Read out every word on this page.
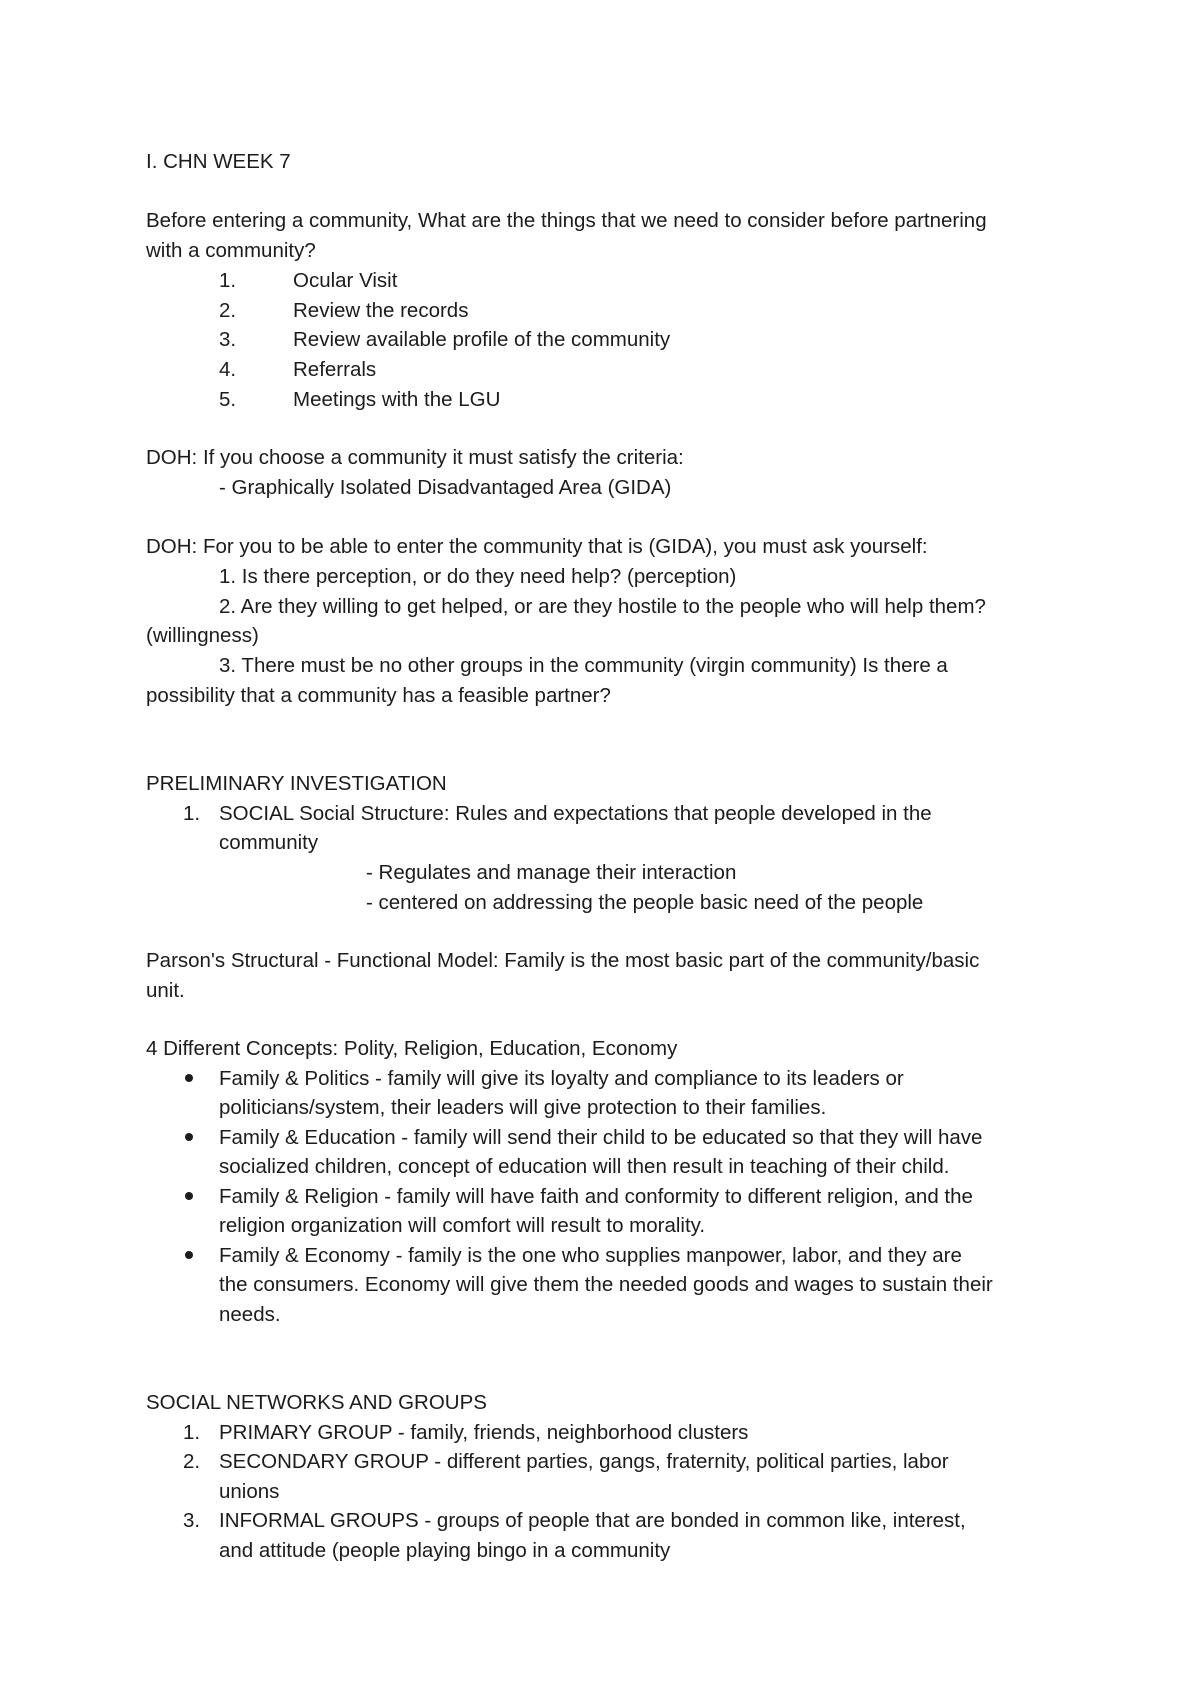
I. CHN WEEK 7
Before entering a community, What are the things that we need to consider before partnering
with a community?
1.	Ocular Visit
2.	Review the records
3.	Review available profile of the community
4.	Referrals
5.	Meetings with the LGU
DOH: If you choose a community it must satisfy the criteria:
- Graphically Isolated Disadvantaged Area (GIDA)
DOH: For you to be able to enter the community that is (GIDA), you must ask yourself:
1. Is there perception, or do they need help? (perception)
2. Are they willing to get helped, or are they hostile to the people who will help them?
(willingness)
3. There must be no other groups in the community (virgin community) Is there a
possibility that a community has a feasible partner?
PRELIMINARY INVESTIGATION
1. SOCIAL Social Structure: Rules and expectations that people developed in the
community
- Regulates and manage their interaction
- centered on addressing the people basic need of the people
Parson's Structural - Functional Model: Family is the most basic part of the community/basic
unit.
4 Different Concepts: Polity, Religion, Education, Economy
Family & Politics - family will give its loyalty and compliance to its leaders or
politicians/system, their leaders will give protection to their families.
Family & Education - family will send their child to be educated so that they will have
socialized children, concept of education will then result in teaching of their child.
Family & Religion - family will have faith and conformity to different religion, and the
religion organization will comfort will result to morality.
Family & Economy - family is the one who supplies manpower, labor, and they are
the consumers. Economy will give them the needed goods and wages to sustain their
needs.
SOCIAL NETWORKS AND GROUPS
1. PRIMARY GROUP - family, friends, neighborhood clusters
2. SECONDARY GROUP - different parties, gangs, fraternity, political parties, labor
unions
3. INFORMAL GROUPS - groups of people that are bonded in common like, interest,
and attitude (people playing bingo in a community
